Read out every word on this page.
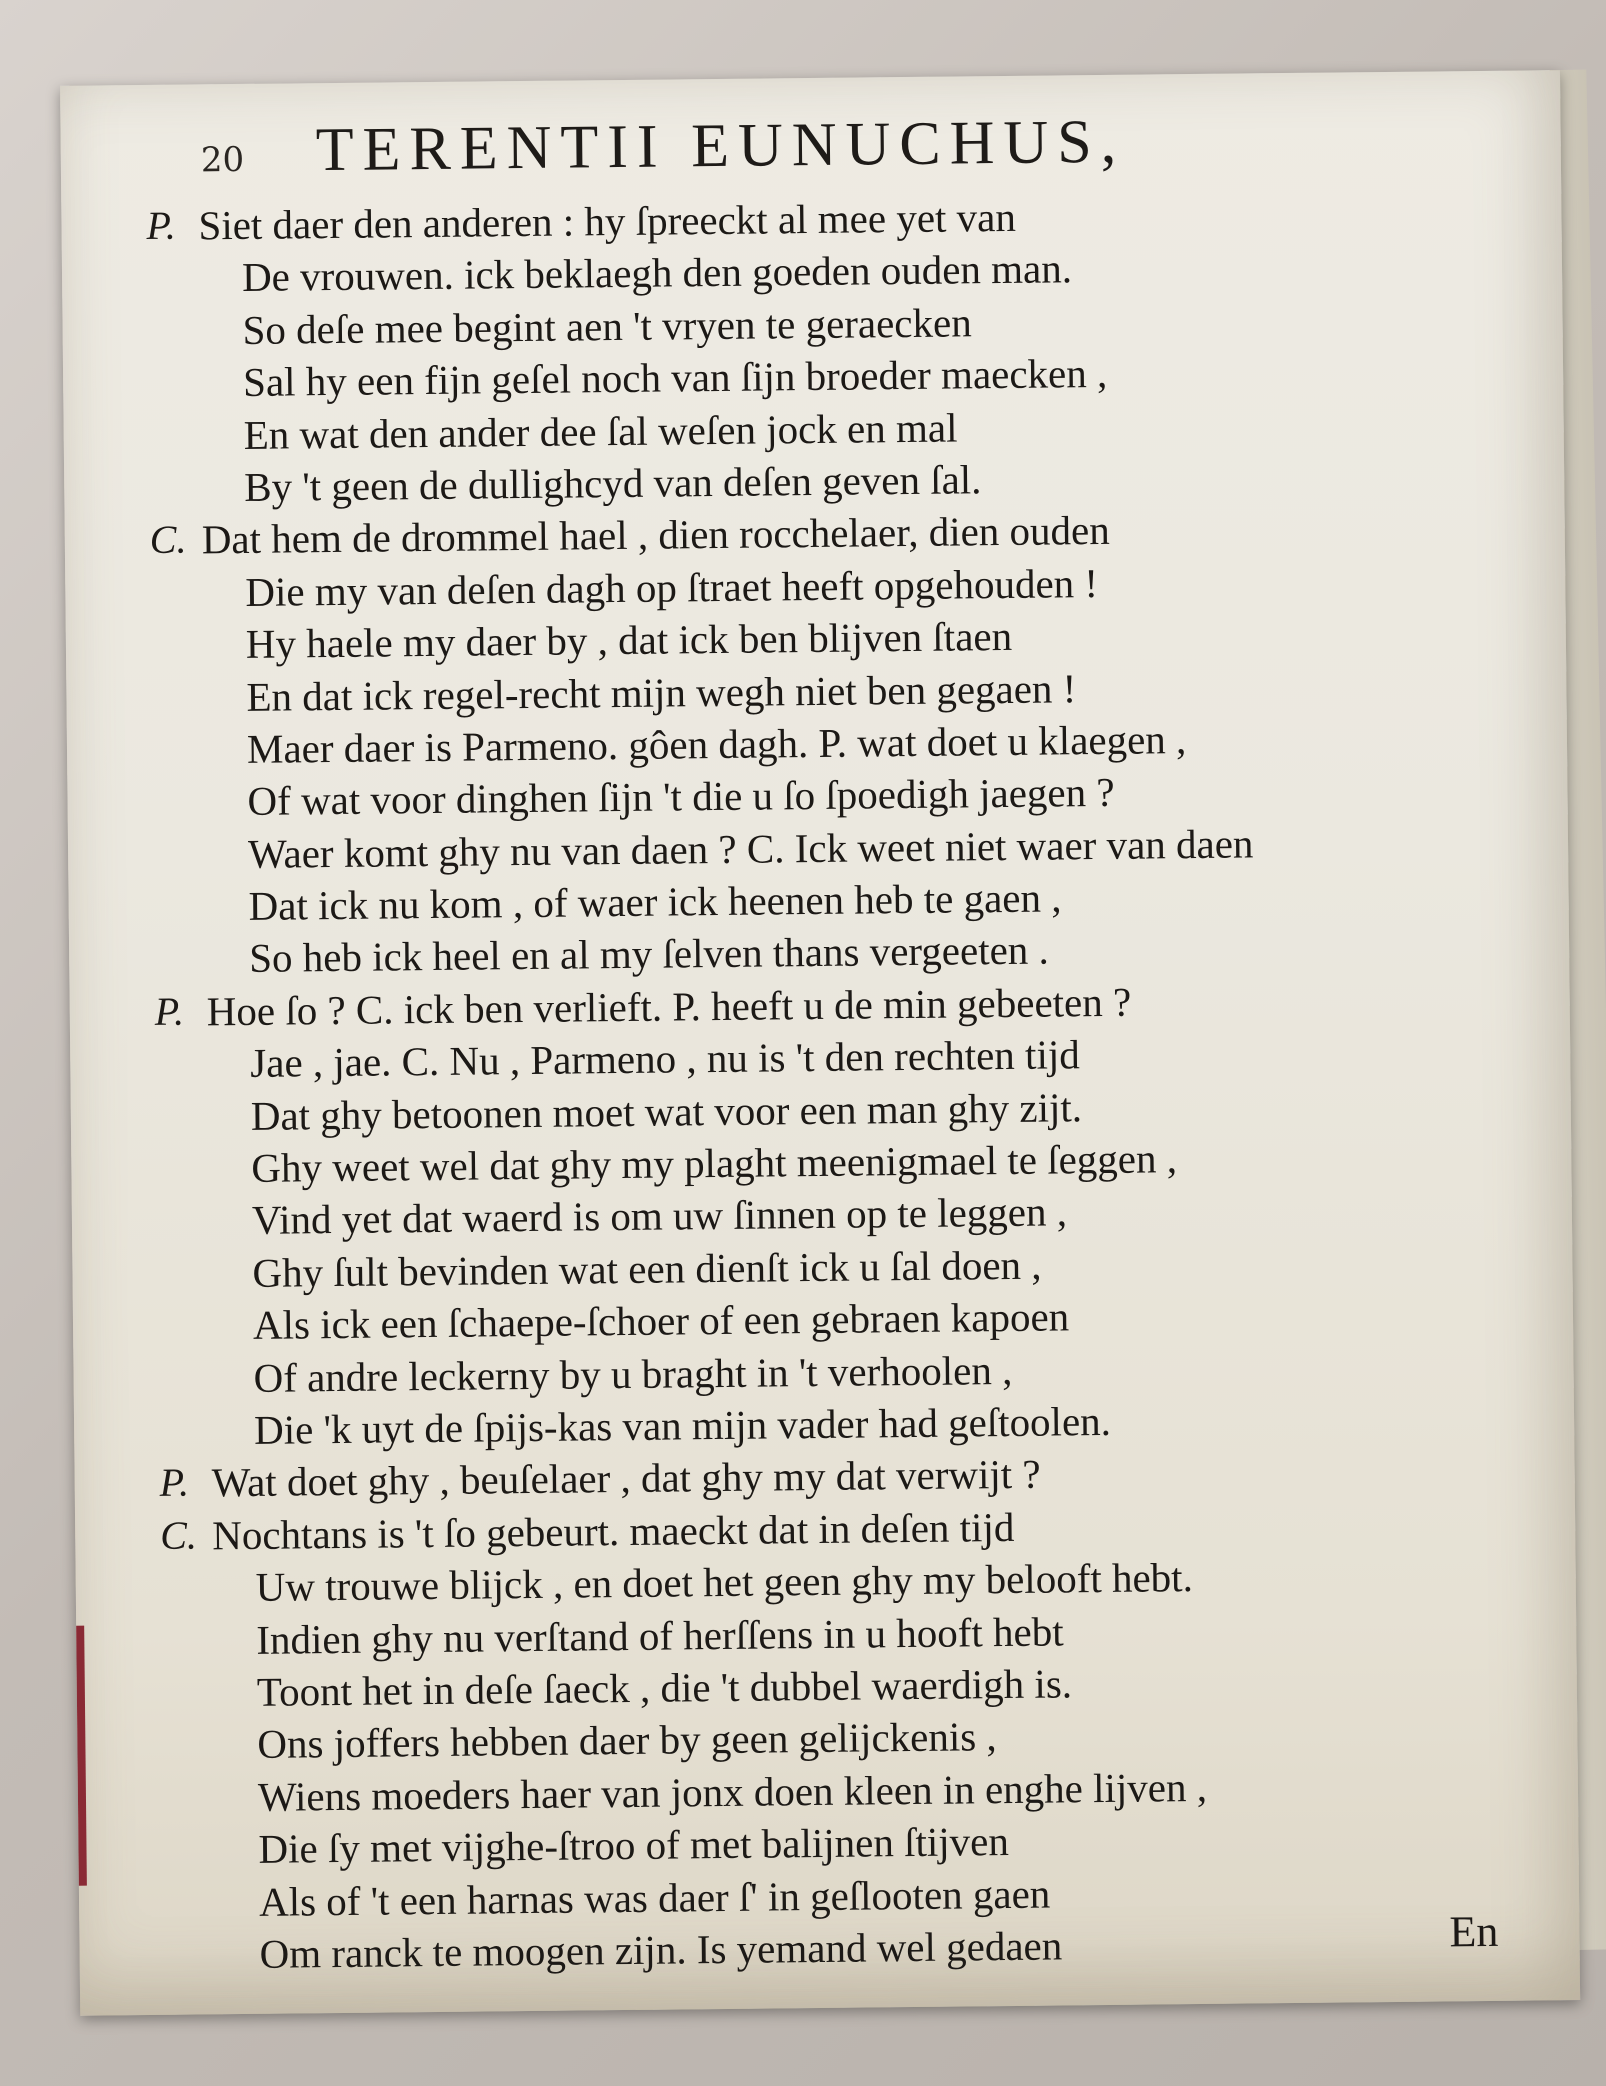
20 TERENTII EUNUCHUS,
P. Siet daer den anderen : hy ſpreeckt al mee yet van
De vrouwen. ick beklaegh den goeden ouden man.
So deſe mee begint aen 't vryen te geraecken
Sal hy een fijn geſel noch van ſijn broeder maecken ,
En wat den ander dee ſal weſen jock en mal
By 't geen de dullighcyd van deſen geven ſal.
C. Dat hem de drommel hael , dien rocchelaer, dien ouden
Die my van deſen dagh op ſtraet heeft opgehouden !
Hy haele my daer by , dat ick ben blijven ſtaen
En dat ick regel-recht mijn wegh niet ben gegaen !
Maer daer is Parmeno. gôen dagh. P. wat doet u klaegen ,
Of wat voor dinghen ſijn 't die u ſo ſpoedigh jaegen ?
Waer komt ghy nu van daen ? C. Ick weet niet waer van daen
Dat ick nu kom , of waer ick heenen heb te gaen ,
So heb ick heel en al my ſelven thans vergeeten .
P. Hoe ſo ? C. ick ben verlieft. P. heeft u de min gebeeten ?
Jae , jae. C. Nu , Parmeno , nu is 't den rechten tijd
Dat ghy betoonen moet wat voor een man ghy zijt.
Ghy weet wel dat ghy my plaght meenigmael te ſeggen ,
Vind yet dat waerd is om uw ſinnen op te leggen ,
Ghy ſult bevinden wat een dienſt ick u ſal doen ,
Als ick een ſchaepe-ſchoer of een gebraen kapoen
Of andre leckerny by u braght in 't verhoolen ,
Die 'k uyt de ſpijs-kas van mijn vader had geſtoolen.
P. Wat doet ghy , beuſelaer , dat ghy my dat verwijt ?
C. Nochtans is 't ſo gebeurt. maeckt dat in deſen tijd
Uw trouwe blijck , en doet het geen ghy my belooft hebt.
Indien ghy nu verſtand of herſſens in u hooft hebt
Toont het in deſe ſaeck , die 't dubbel waerdigh is.
Ons joffers hebben daer by geen gelijckenis ,
Wiens moeders haer van jonx doen kleen in enghe lijven ,
Die ſy met vijghe-ſtroo of met balijnen ſtijven
Als of 't een harnas was daer ſ' in geſlooten gaen
Om ranck te moogen zijn. Is yemand wel gedaen	En
